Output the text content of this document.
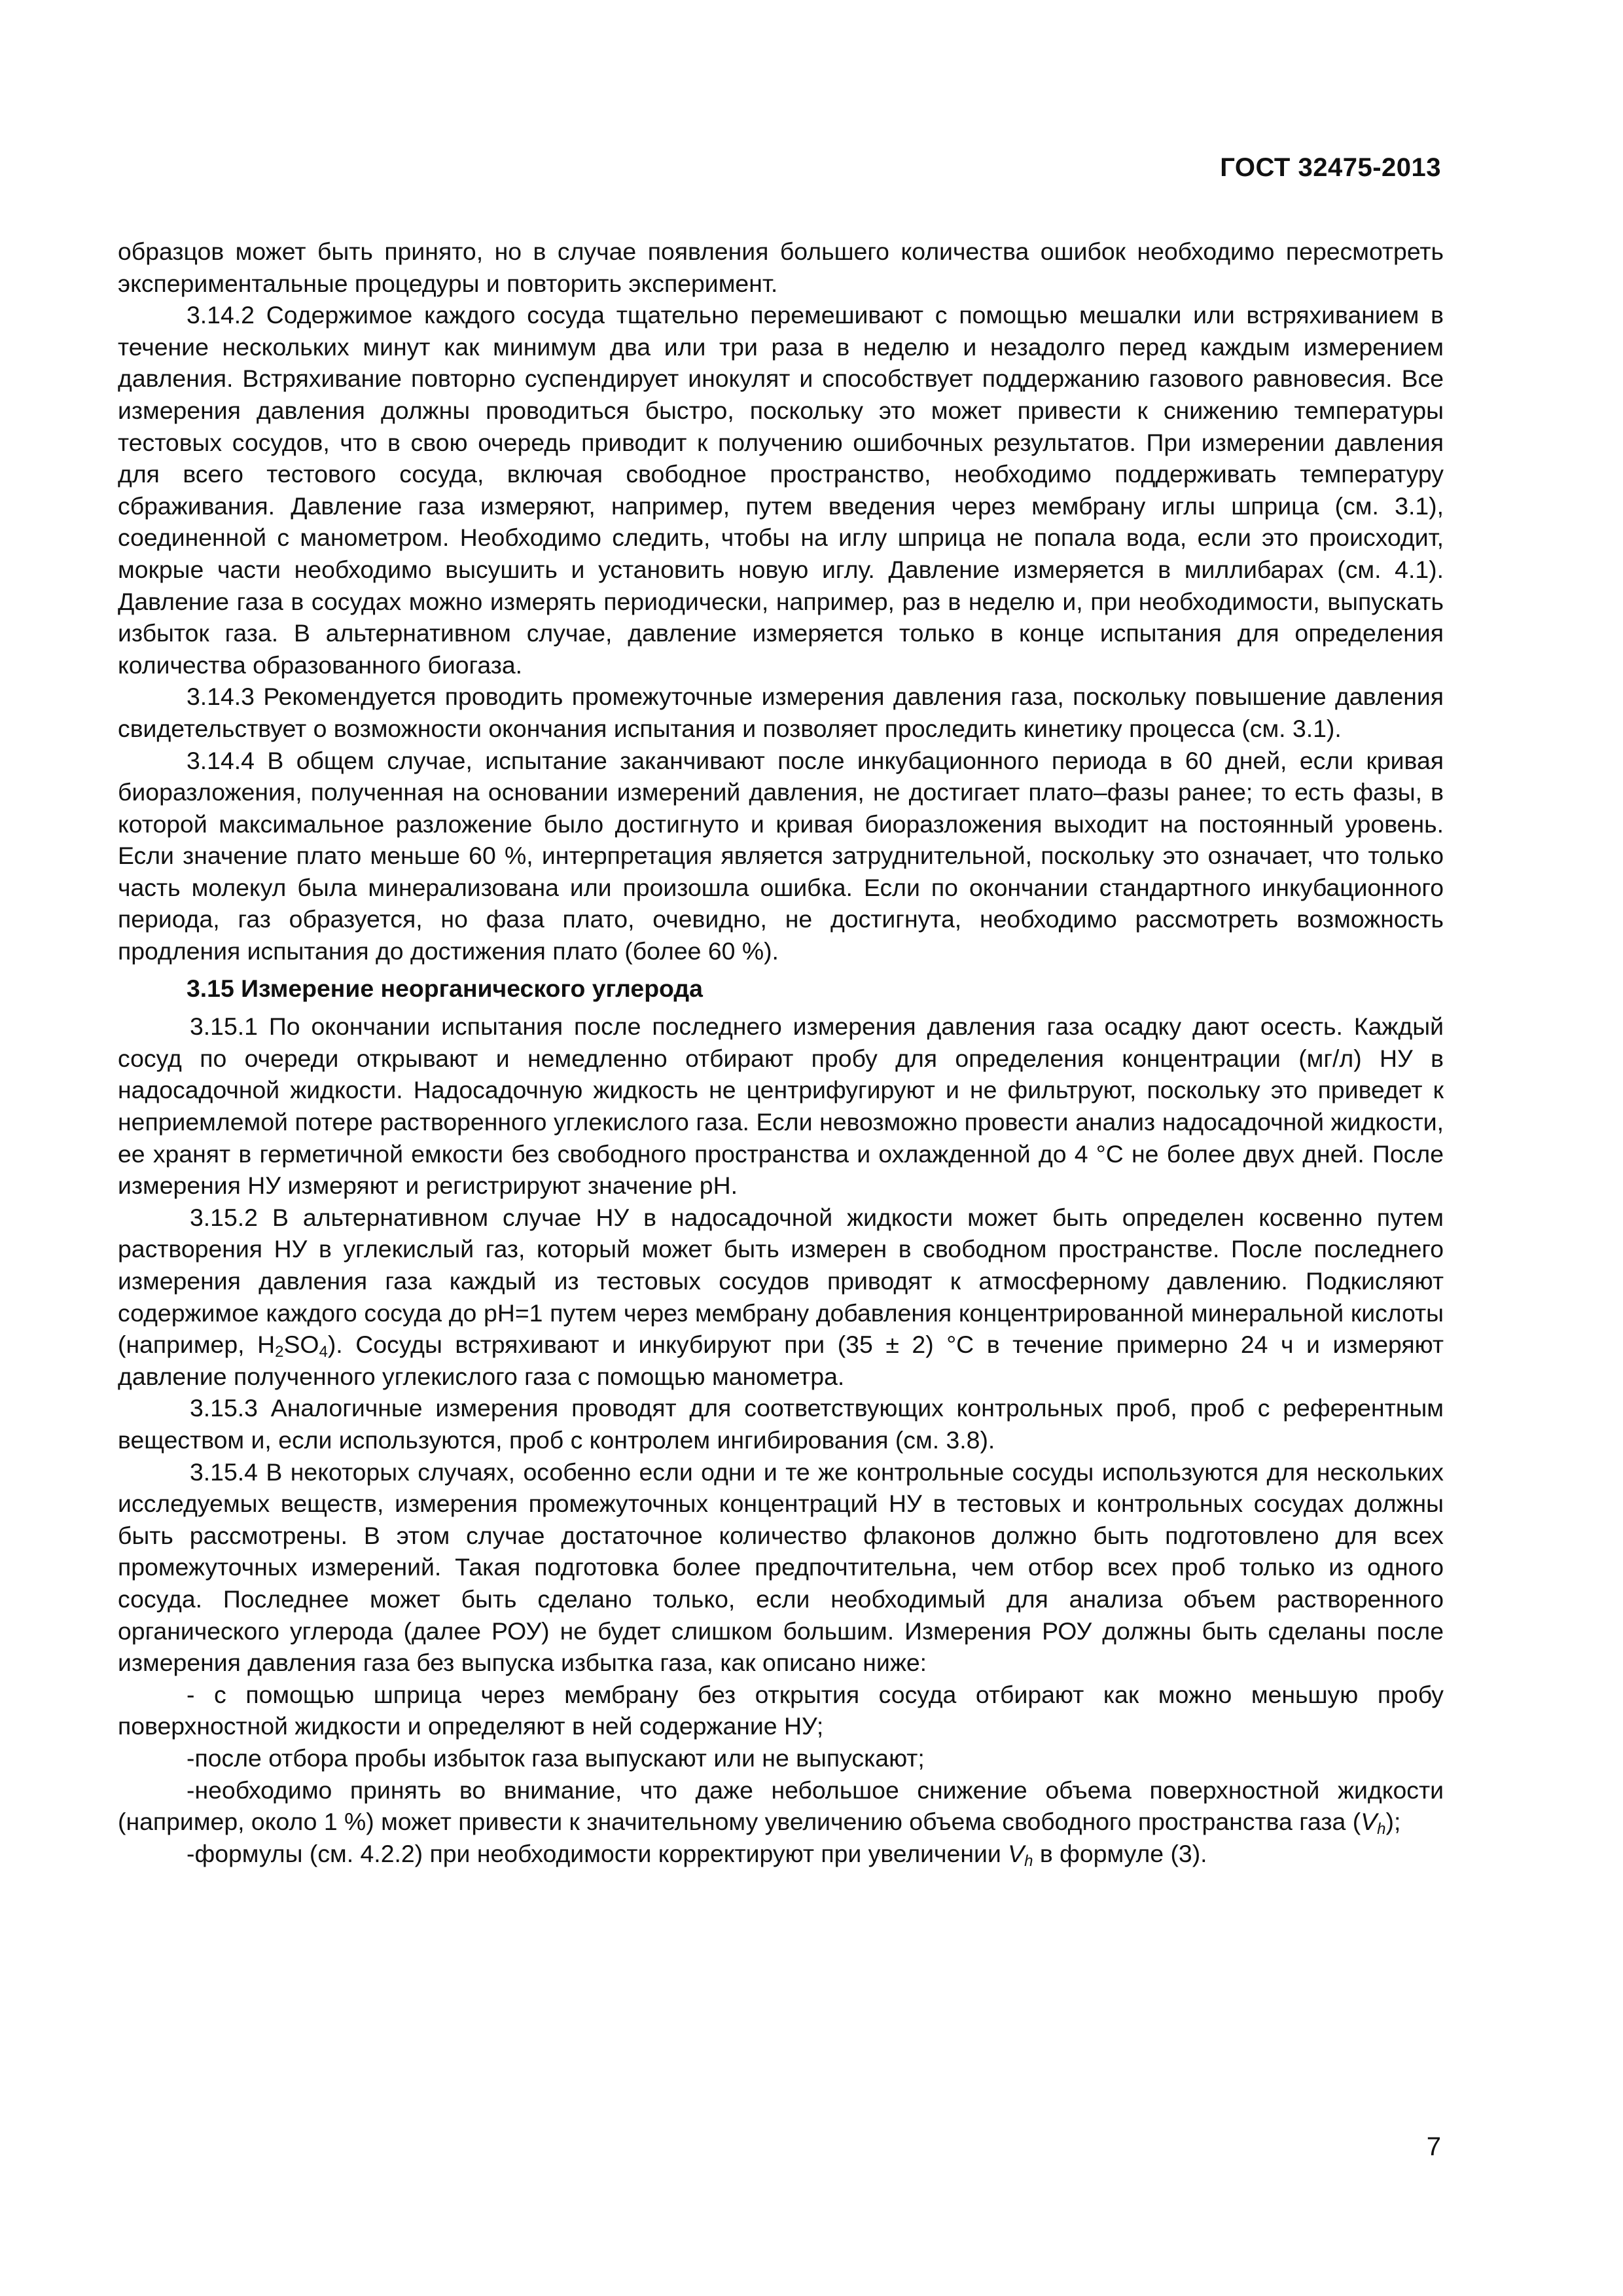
ГОСТ 32475-2013

образцов может быть принято, но в случае появления большего количества ошибок необходимо пересмотреть экспериментальные процедуры и повторить эксперимент.

3.14.2 Содержимое каждого сосуда тщательно перемешивают с помощью мешалки или встряхиванием в течение нескольких минут как минимум два или три раза в неделю и незадолго перед каждым измерением давления. Встряхивание повторно суспендирует инокулят и способствует поддержанию газового равновесия. Все измерения давления должны проводиться быстро, поскольку это может привести к снижению температуры тестовых сосудов, что в свою очередь приводит к получению ошибочных результатов. При измерении давления для всего тестового сосуда, включая свободное пространство, необходимо поддерживать температуру сбраживания. Давление газа измеряют, например, путем введения через мембрану иглы шприца (см. 3.1), соединенной с манометром. Необходимо следить, чтобы на иглу шприца не попала вода, если это происходит, мокрые части необходимо высушить и установить новую иглу. Давление измеряется в миллибарах (см. 4.1). Давление газа в сосудах можно измерять периодически, например, раз в неделю и, при необходимости, выпускать избыток газа. В альтернативном случае, давление измеряется только в конце испытания для определения количества образованного биогаза.

3.14.3 Рекомендуется проводить промежуточные измерения давления газа, поскольку повышение давления свидетельствует о возможности окончания испытания и позволяет проследить кинетику процесса (см. 3.1).

3.14.4 В общем случае, испытание заканчивают после инкубационного периода в 60 дней, если кривая биоразложения, полученная на основании измерений давления, не достигает плато–фазы ранее; то есть фазы, в которой максимальное разложение было достигнуто и кривая биоразложения выходит на постоянный уровень. Если значение плато меньше 60 %, интерпретация является затруднительной, поскольку это означает, что только часть молекул была минерализована или произошла ошибка. Если по окончании стандартного инкубационного периода, газ образуется, но фаза плато, очевидно, не достигнута, необходимо рассмотреть возможность продления испытания до достижения плато (более 60 %).

3.15 Измерение неорганического углерода

3.15.1 По окончании испытания после последнего измерения давления газа осадку дают осесть. Каждый сосуд по очереди открывают и немедленно отбирают пробу для определения концентрации (мг/л) НУ в надосадочной жидкости. Надосадочную жидкость не центрифугируют и не фильтруют, поскольку это приведет к неприемлемой потере растворенного углекислого газа. Если невозможно провести анализ надосадочной жидкости, ее хранят в герметичной емкости без свободного пространства и охлажденной до 4 °С не более двух дней. После измерения НУ измеряют и регистрируют значение pH.

3.15.2 В альтернативном случае НУ в надосадочной жидкости может быть определен косвенно путем растворения НУ в углекислый газ, который может быть измерен в свободном пространстве. После последнего измерения давления газа каждый из тестовых сосудов приводят к атмосферному давлению. Подкисляют содержимое каждого сосуда до pH=1 путем через мембрану добавления концентрированной минеральной кислоты (например, $H_2SO_4$). Сосуды встряхивают и инкубируют при (35 ± 2) °С в течение примерно 24 ч и измеряют давление полученного углекислого газа с помощью манометра.

3.15.3 Аналогичные измерения проводят для соответствующих контрольных проб, проб с референтным веществом и, если используются, проб с контролем ингибирования (см. 3.8).

3.15.4 В некоторых случаях, особенно если одни и те же контрольные сосуды используются для нескольких исследуемых веществ, измерения промежуточных концентраций НУ в тестовых и контрольных сосудах должны быть рассмотрены. В этом случае достаточное количество флаконов должно быть подготовлено для всех промежуточных измерений. Такая подготовка более предпочтительна, чем отбор всех проб только из одного сосуда. Последнее может быть сделано только, если необходимый для анализа объем растворенного органического углерода (далее РОУ) не будет слишком большим. Измерения РОУ должны быть сделаны после измерения давления газа без выпуска избытка газа, как описано ниже:

- с помощью шприца через мембрану без открытия сосуда отбирают как можно меньшую пробу поверхностной жидкости и определяют в ней содержание НУ;

-после отбора пробы избыток газа выпускают или не выпускают;

-необходимо принять во внимание, что даже небольшое снижение объема поверхностной жидкости (например, около 1 %) может привести к значительному увеличению объема свободного пространства газа $(V_h)$;

-формулы (см. 4.2.2) при необходимости корректируют при увеличении $V_h$ в формуле (3).

7
